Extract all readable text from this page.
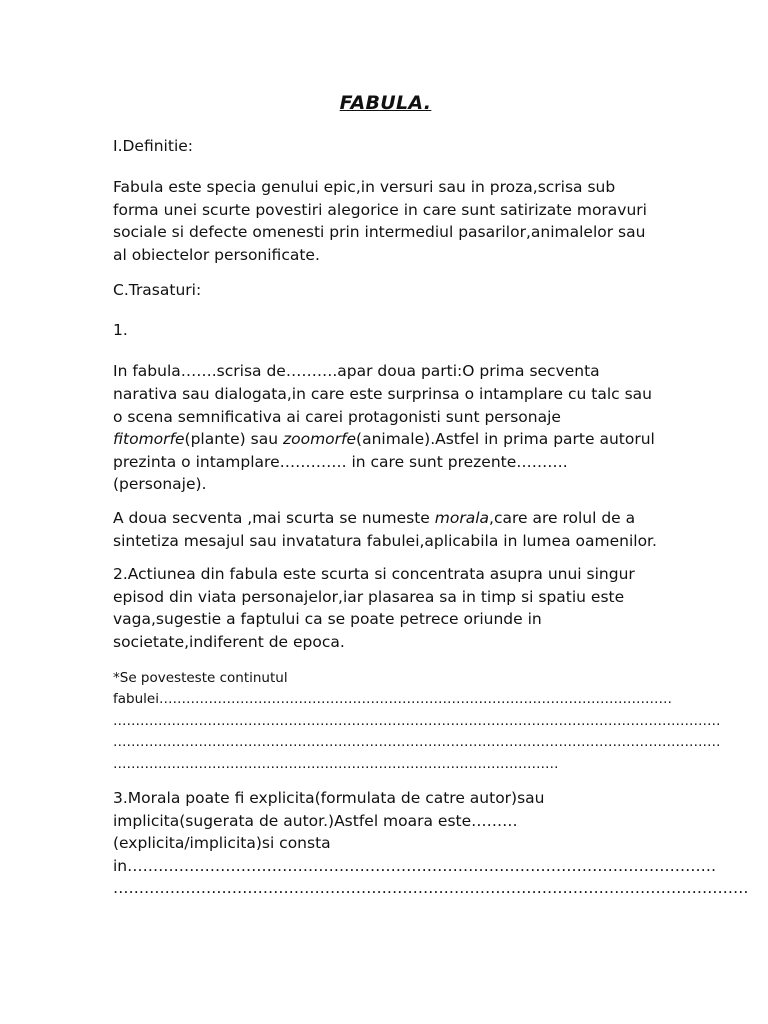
FABULA.
I.Definitie:

Fabula este specia genului epic,in versuri sau in proza,scrisa sub forma unei scurte povestiri alegorice in care sunt satirizate moravuri sociale si defecte omenesti prin intermediul pasarilor,animalelor sau al obiectelor personificate.

C.Trasaturi:
1.

In fabula…….scrisa de……….apar doua parti:O prima secventa narativa sau dialogata,in care este surprinsa o intamplare cu talc sau o scena semnificativa ai carei protagonisti sunt personaje fitomorfe(plante) sau zoomorfe(animale).Astfel in prima parte autorul prezinta o intamplare…………. in care sunt prezente……….(personaje).

A doua secventa ,mai scurta se numeste morala,care are rolul de a sintetiza mesajul sau invatatura fabulei,aplicabila in lumea oamenilor.

2.Actiunea din fabula este scurta si concentrata asupra unui singur episod din viata personajelor,iar plasarea sa in timp si spatiu este vaga,sugestie a faptului ca se poate petrece oriunde in societate,indiferent de epoca.

*Se povesteste continutul
fabulei……………………………………………………………………………………………………
………………………………………………………………………………………………………………………
………………………………………………………………………………………………………………………
………………………………………………………………………………………

3.Morala poate fi explicita(formulata de catre autor)sau implicita(sugerata de autor.)Astfel moara este………(explicita/implicita)si consta
in……………………………………………………………………………………………………
……………………………………………………………………………………………………………
